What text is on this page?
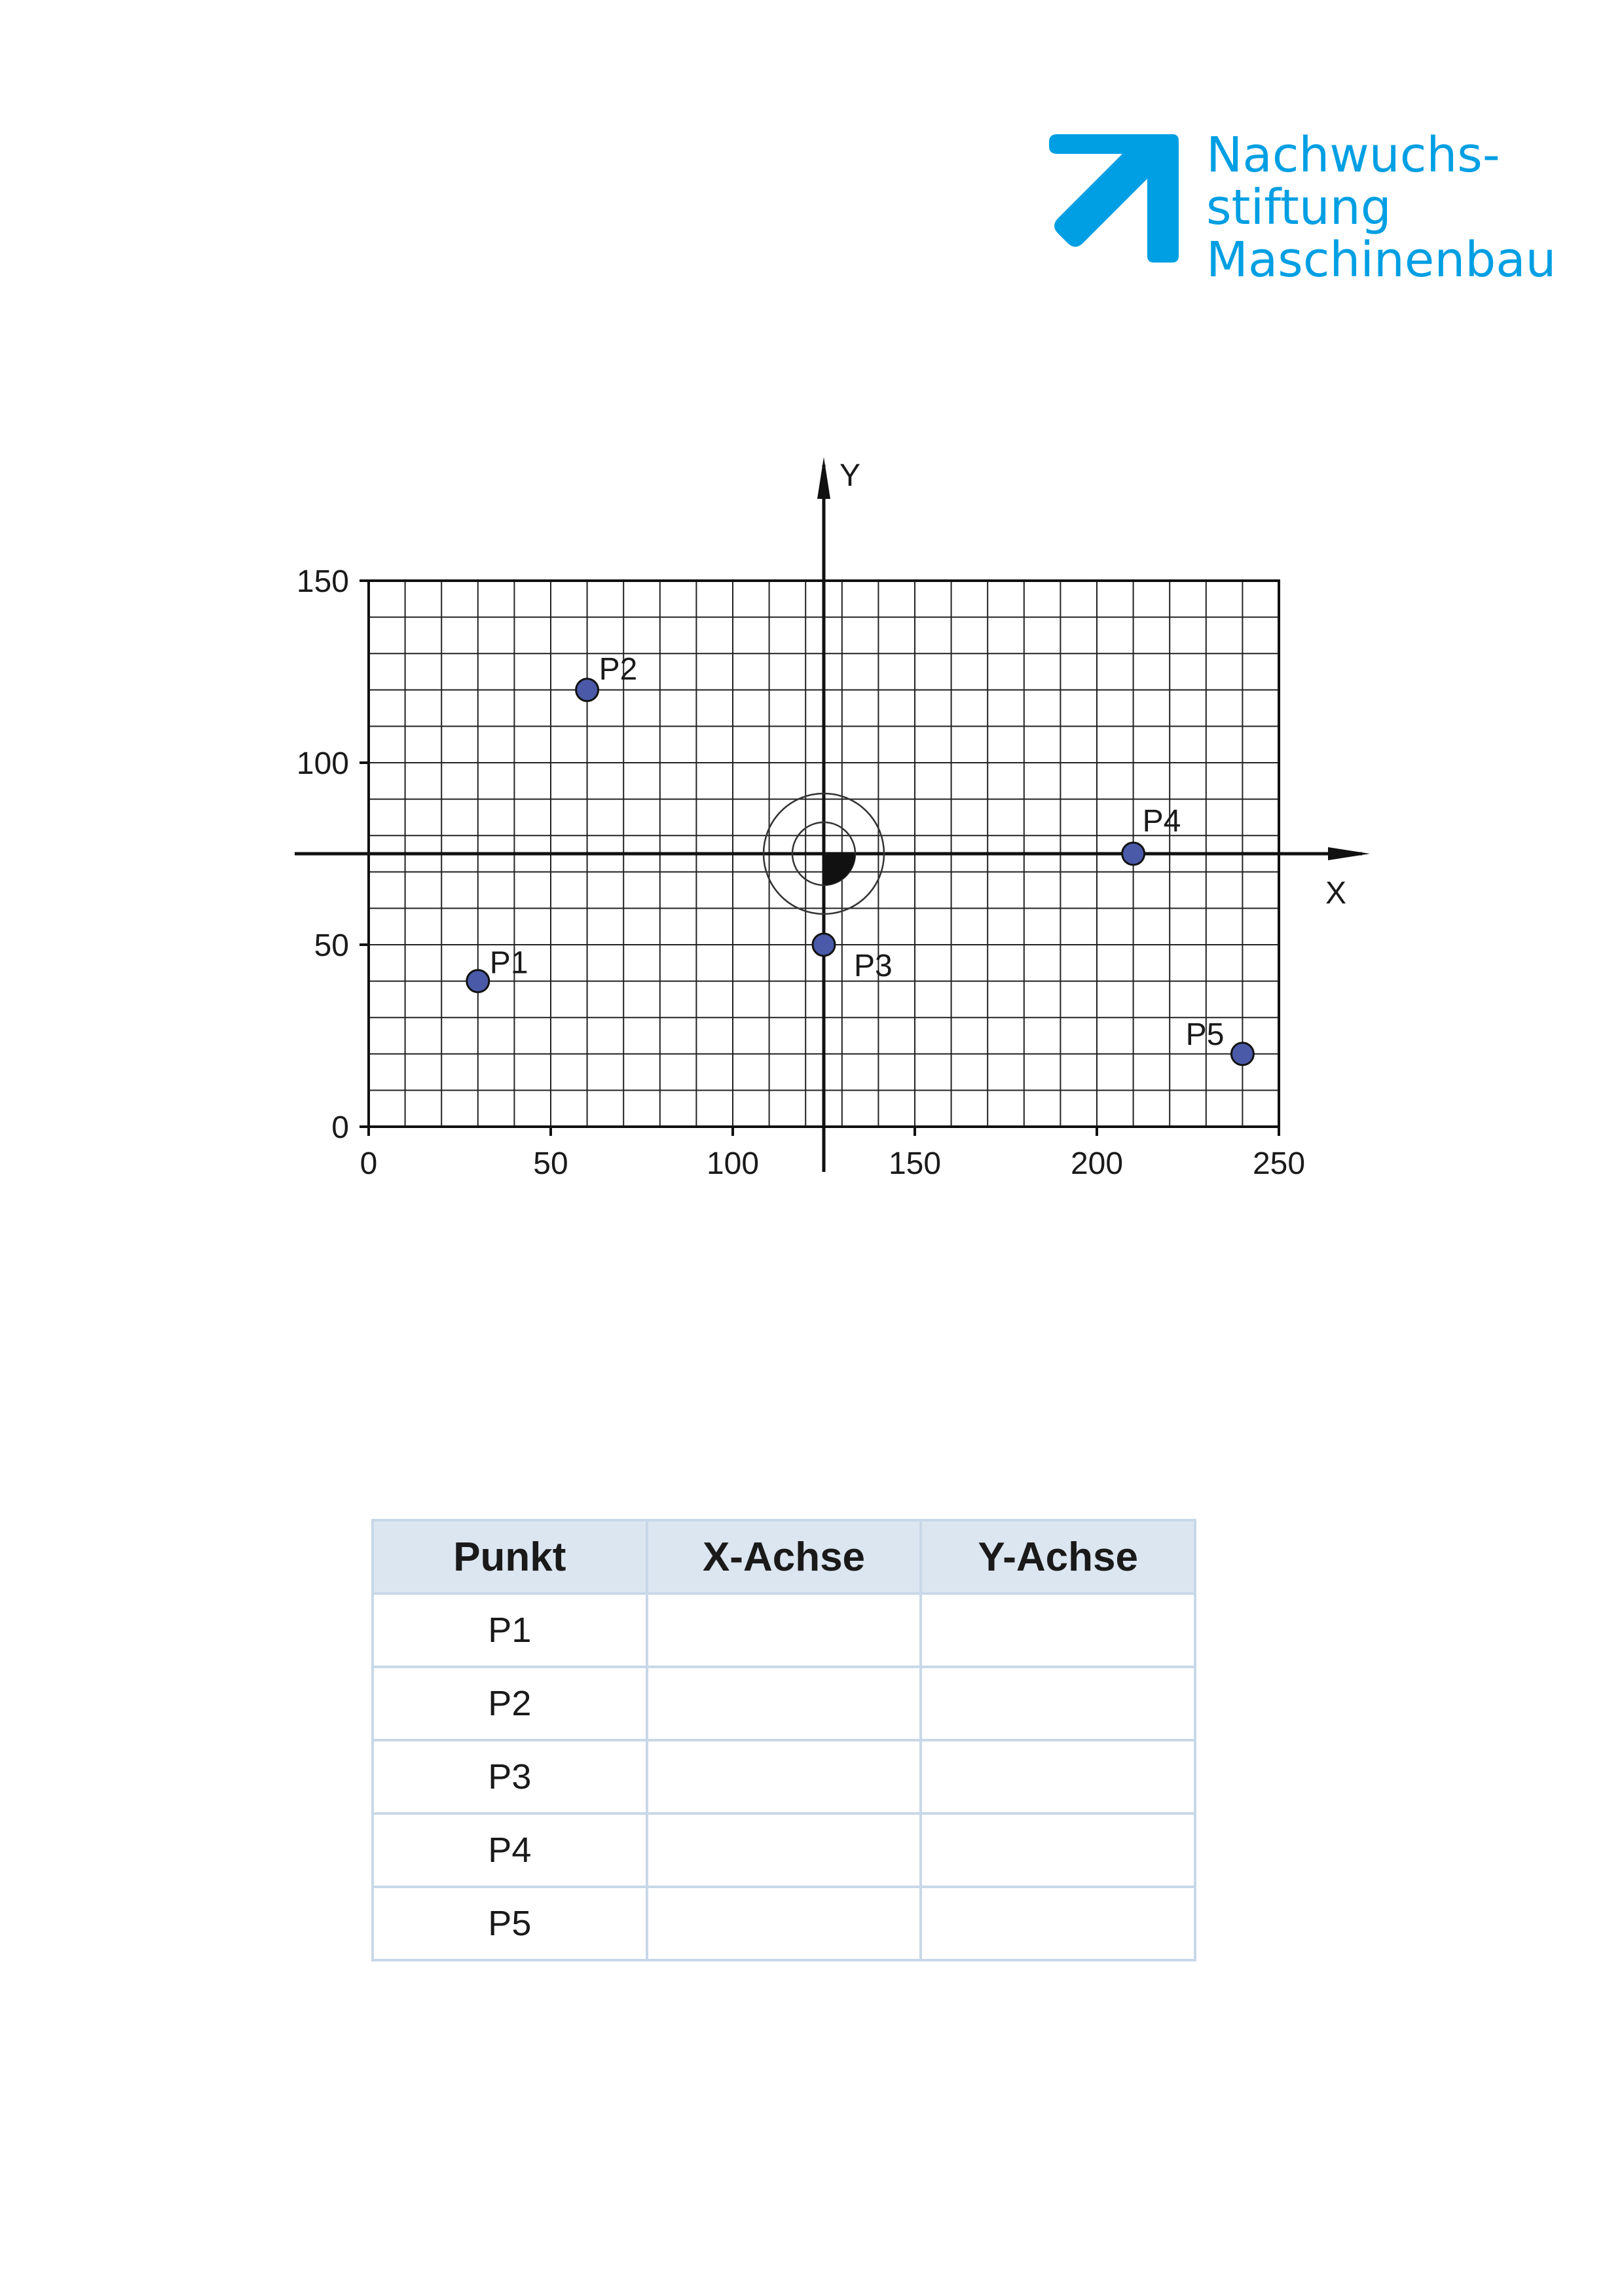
Nachwuchs-
stiftung
Maschinenbau
0	50	100	150	200	250
0
50
100
150
X
Y
P1
P2
P3
P4
P5
Punkt	X-Achse	Y-Achse
P1		
P2		
P3		
P4		
P5		
